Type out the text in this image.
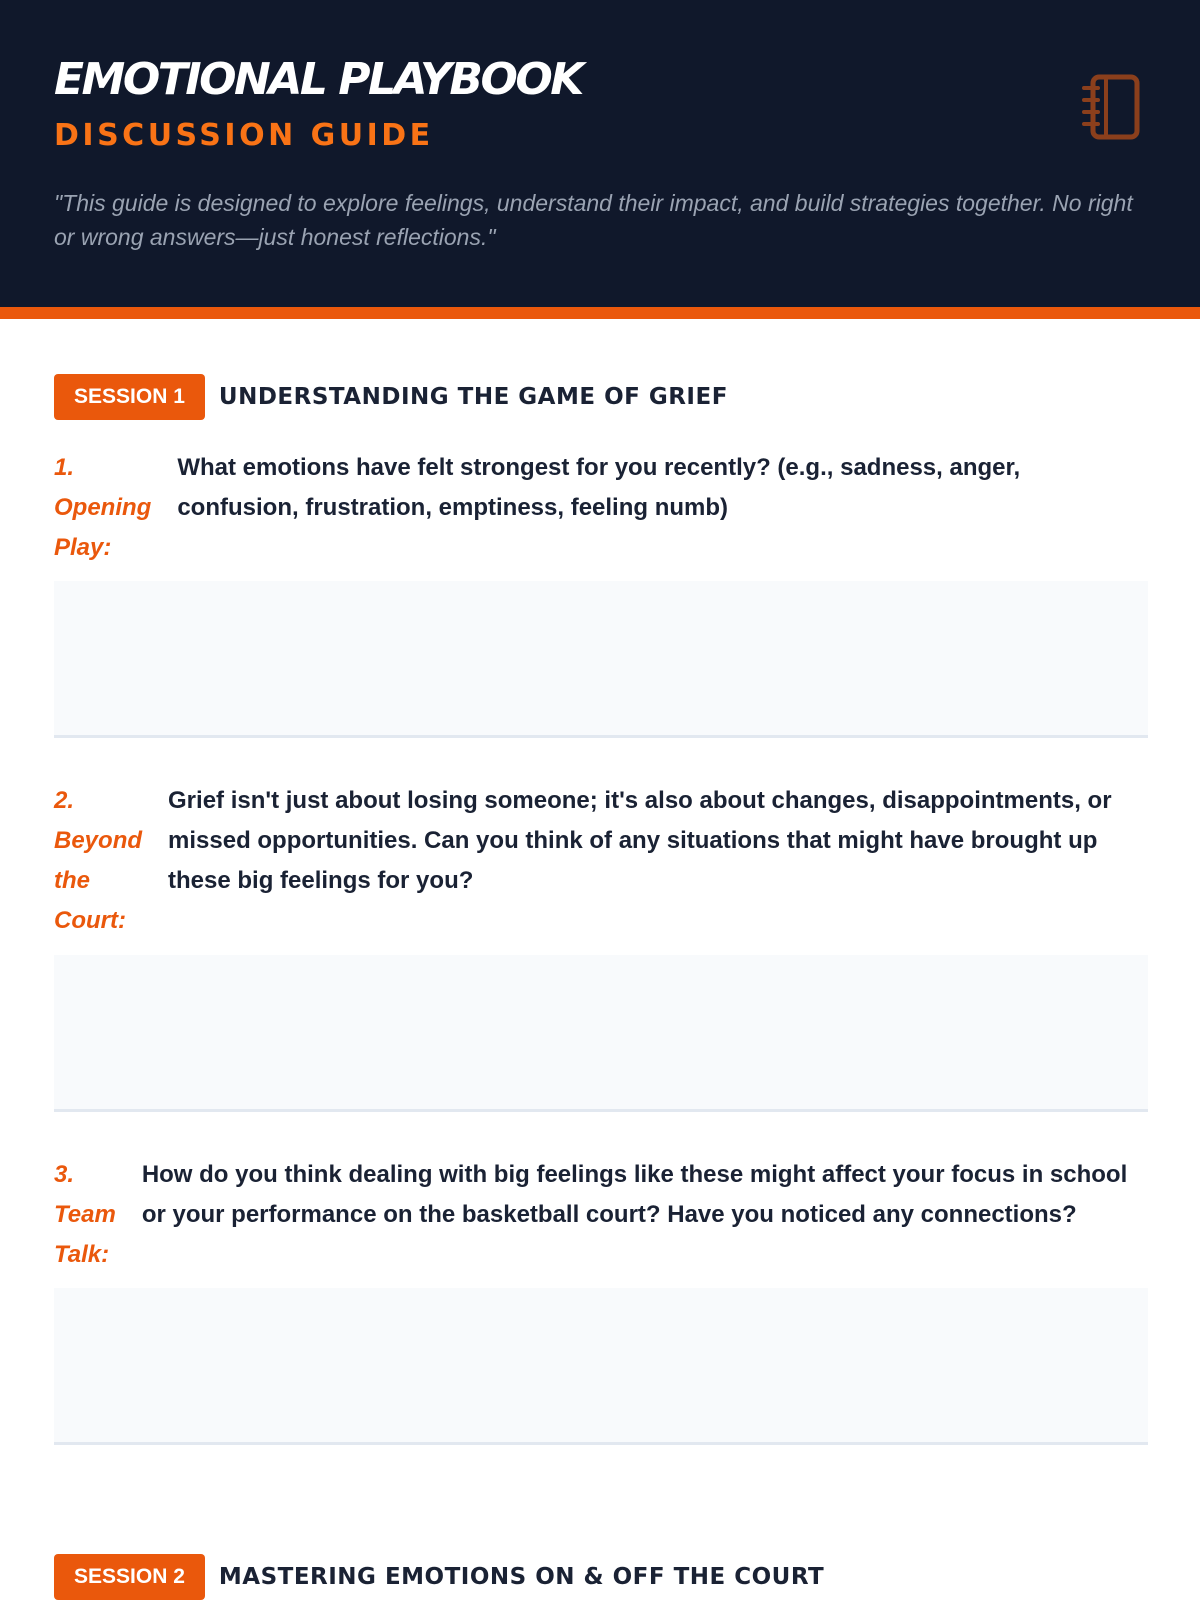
EMOTIONAL PLAYBOOK
DISCUSSION GUIDE

"This guide is designed to explore feelings, understand their impact, and build strategies together. No right or wrong answers—just honest reflections."

SESSION 1	UNDERSTANDING THE GAME OF GRIEF
1.
Opening
Play:
What emotions have felt strongest for you recently? (e.g., sadness, anger, confusion, frustration, emptiness, feeling numb)
2.
Beyond
the
Court:
Grief isn't just about losing someone; it's also about changes, disappointments, or missed opportunities. Can you think of any situations that might have brought up these big feelings for you?
3.
Team
Talk:
How do you think dealing with big feelings like these might affect your focus in school or your performance on the basketball court? Have you noticed any connections?
SESSION 2	MASTERING EMOTIONS ON & OFF THE COURT
